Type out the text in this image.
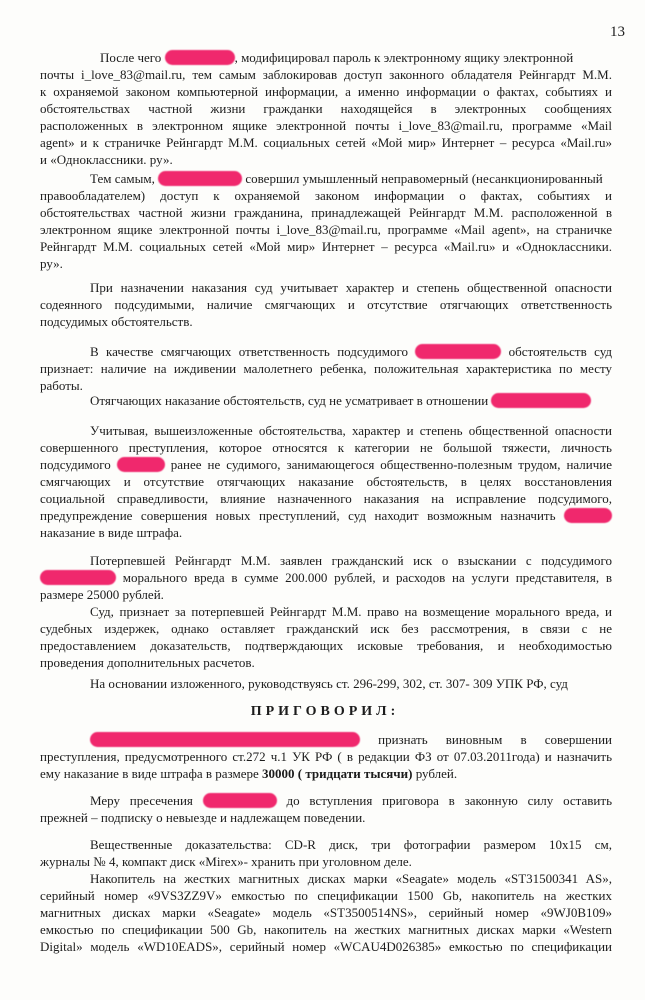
13
После чего	, модифицировал пароль к электронному ящику электронной
почты i_love_83@mail.ru, тем самым заблокировав доступ законного обладателя Рейнгардт М.М.
к охраняемой законом компьютерной информации, а именно информации о фактах, событиях и
обстоятельствах частной жизни гражданки находящейся в электронных сообщениях
расположенных в электронном ящике электронной почты i_love_83@mail.ru, программе «Mail
agent» и к страничке Рейнгардт М.М. социальных сетей «Мой мир» Интернет – ресурса «Mail.ru»
и «Одноклассники. ру».
Тем самым,	совершил умышленный неправомерный (несанкционированный
правообладателем) доступ к охраняемой законом информации о фактах, событиях и
обстоятельствах частной жизни гражданина, принадлежащей Рейнгардт М.М. расположенной в
электронном ящике электронной почты i_love_83@mail.ru, программе «Mail agent», на страничке
Рейнгардт М.М. социальных сетей «Мой мир» Интернет – ресурса «Mail.ru» и «Одноклассники.
ру».
При назначении наказания суд учитывает характер и степень общественной опасности
содеянного подсудимыми, наличие смягчающих и отсутствие отягчающих ответственность
подсудимых обстоятельств.
В качестве смягчающих ответственность подсудимого	обстоятельств суд
признает: наличие на иждивении малолетнего ребенка, положительная характеристика по месту
работы.
Отягчающих наказание обстоятельств, суд не усматривает в отношении
Учитывая, вышеизложенные обстоятельства, характер и степень общественной опасности
совершенного преступления, которое относятся к категории не большой тяжести, личность
подсудимого	ранее не судимого, занимающегося общественно-полезным трудом, наличие
смягчающих и отсутствие отягчающих наказание обстоятельств, в целях восстановления
социальной справедливости, влияние назначенного наказания на исправление подсудимого,
предупреждение совершения новых преступлений, суд находит возможным назначить
наказание в виде штрафа.
Потерпевшей Рейнгардт М.М. заявлен гражданский иск о взыскании с подсудимого
морального вреда в сумме 200.000 рублей, и расходов на услуги представителя, в
размере 25000 рублей.
Суд, признает за потерпевшей Рейнгардт М.М. право на возмещение морального вреда, и
судебных издержек, однако оставляет гражданский иск без рассмотрения, в связи с не
предоставлением доказательств, подтверждающих исковые требования, и необходимостью
проведения дополнительных расчетов.
На основании изложенного, руководствуясь ст. 296-299, 302, ст. 307- 309 УПК РФ, суд
ПРИГОВОРИЛ:
признать виновным в совершении
преступления, предусмотренного ст.272 ч.1 УК РФ ( в редакции ФЗ от 07.03.2011года) и назначить
ему наказание в виде штрафа в размере 30000 ( тридцати тысячи) рублей.
Меру пресечения	до вступления приговора в законную силу оставить
прежней – подписку о невыезде и надлежащем поведении.
Вещественные доказательства: CD-R диск, три фотографии размером 10х15 см,
журналы № 4, компакт диск «Mirex»- хранить при уголовном деле.
Накопитель на жестких магнитных дисках марки «Seagate» модель «ST31500341 AS»,
серийный номер «9VS3ZZ9V» емкостью по спецификации 1500 Gb, накопитель на жестких
магнитных дисках марки «Seagate» модель «ST3500514NS», серийный номер «9WJ0B109»
емкостью по спецификации 500 Gb, накопитель на жестких магнитных дисках марки «Western
Digital» модель «WD10EADS», серийный номер «WCAU4D026385» емкостью по спецификации
